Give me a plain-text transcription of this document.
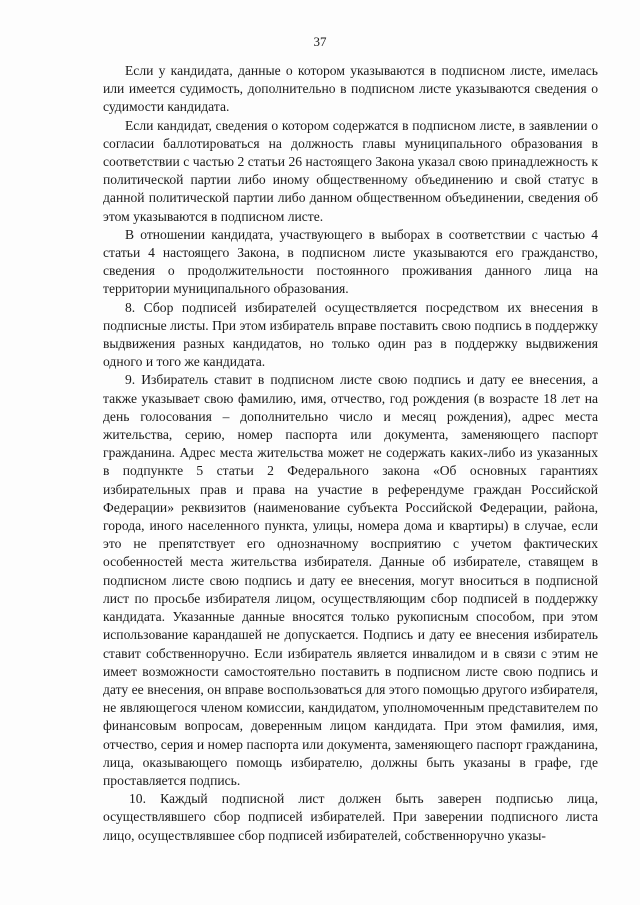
37

Если у кандидата, данные о котором указываются в подписном листе, имелась или имеется судимость, дополнительно в подписном листе указываются сведения о судимости кандидата.

Если кандидат, сведения о котором содержатся в подписном листе, в заявлении о согласии баллотироваться на должность главы муниципального образования в соответствии с частью 2 статьи 26 настоящего Закона указал свою принадлежность к политической партии либо иному общественному объединению и свой статус в данной политической партии либо данном общественном объединении, сведения об этом указываются в подписном листе.

В отношении кандидата, участвующего в выборах в соответствии с частью 4 статьи 4 настоящего Закона, в подписном листе указываются его гражданство, сведения о продолжительности постоянного проживания данного лица на территории муниципального образования.

8. Сбор подписей избирателей осуществляется посредством их внесения в подписные листы. При этом избиратель вправе поставить свою подпись в поддержку выдвижения разных кандидатов, но только один раз в поддержку выдвижения одного и того же кандидата.

9. Избиратель ставит в подписном листе свою подпись и дату ее внесения, а также указывает свою фамилию, имя, отчество, год рождения (в возрасте 18 лет на день голосования – дополнительно число и месяц рождения), адрес места жительства, серию, номер паспорта или документа, заменяющего паспорт гражданина. Адрес места жительства может не содержать каких-либо из указанных в подпункте 5 статьи 2 Федерального закона «Об основных гарантиях избирательных прав и права на участие в референдуме граждан Российской Федерации» реквизитов (наименование субъекта Российской Федерации, района, города, иного населенного пункта, улицы, номера дома и квартиры) в случае, если это не препятствует его однозначному восприятию с учетом фактических особенностей места жительства избирателя. Данные об избирателе, ставящем в подписном листе свою подпись и дату ее внесения, могут вноситься в подписной лист по просьбе избирателя лицом, осуществляющим сбор подписей в поддержку кандидата. Указанные данные вносятся только рукописным способом, при этом использование карандашей не допускается. Подпись и дату ее внесения избиратель ставит собственноручно. Если избиратель является инвалидом и в связи с этим не имеет возможности самостоятельно поставить в подписном листе свою подпись и дату ее внесения, он вправе воспользоваться для этого помощью другого избирателя, не являющегося членом комиссии, кандидатом, уполномоченным представителем по финансовым вопросам, доверенным лицом кандидата. При этом фамилия, имя, отчество, серия и номер паспорта или документа, заменяющего паспорт гражданина, лица, оказывающего помощь избирателю, должны быть указаны в графе, где проставляется подпись.

10. Каждый подписной лист должен быть заверен подписью лица, осуществлявшего сбор подписей избирателей. При заверении подписного листа лицо, осуществлявшее сбор подписей избирателей, собственноручно указы-
